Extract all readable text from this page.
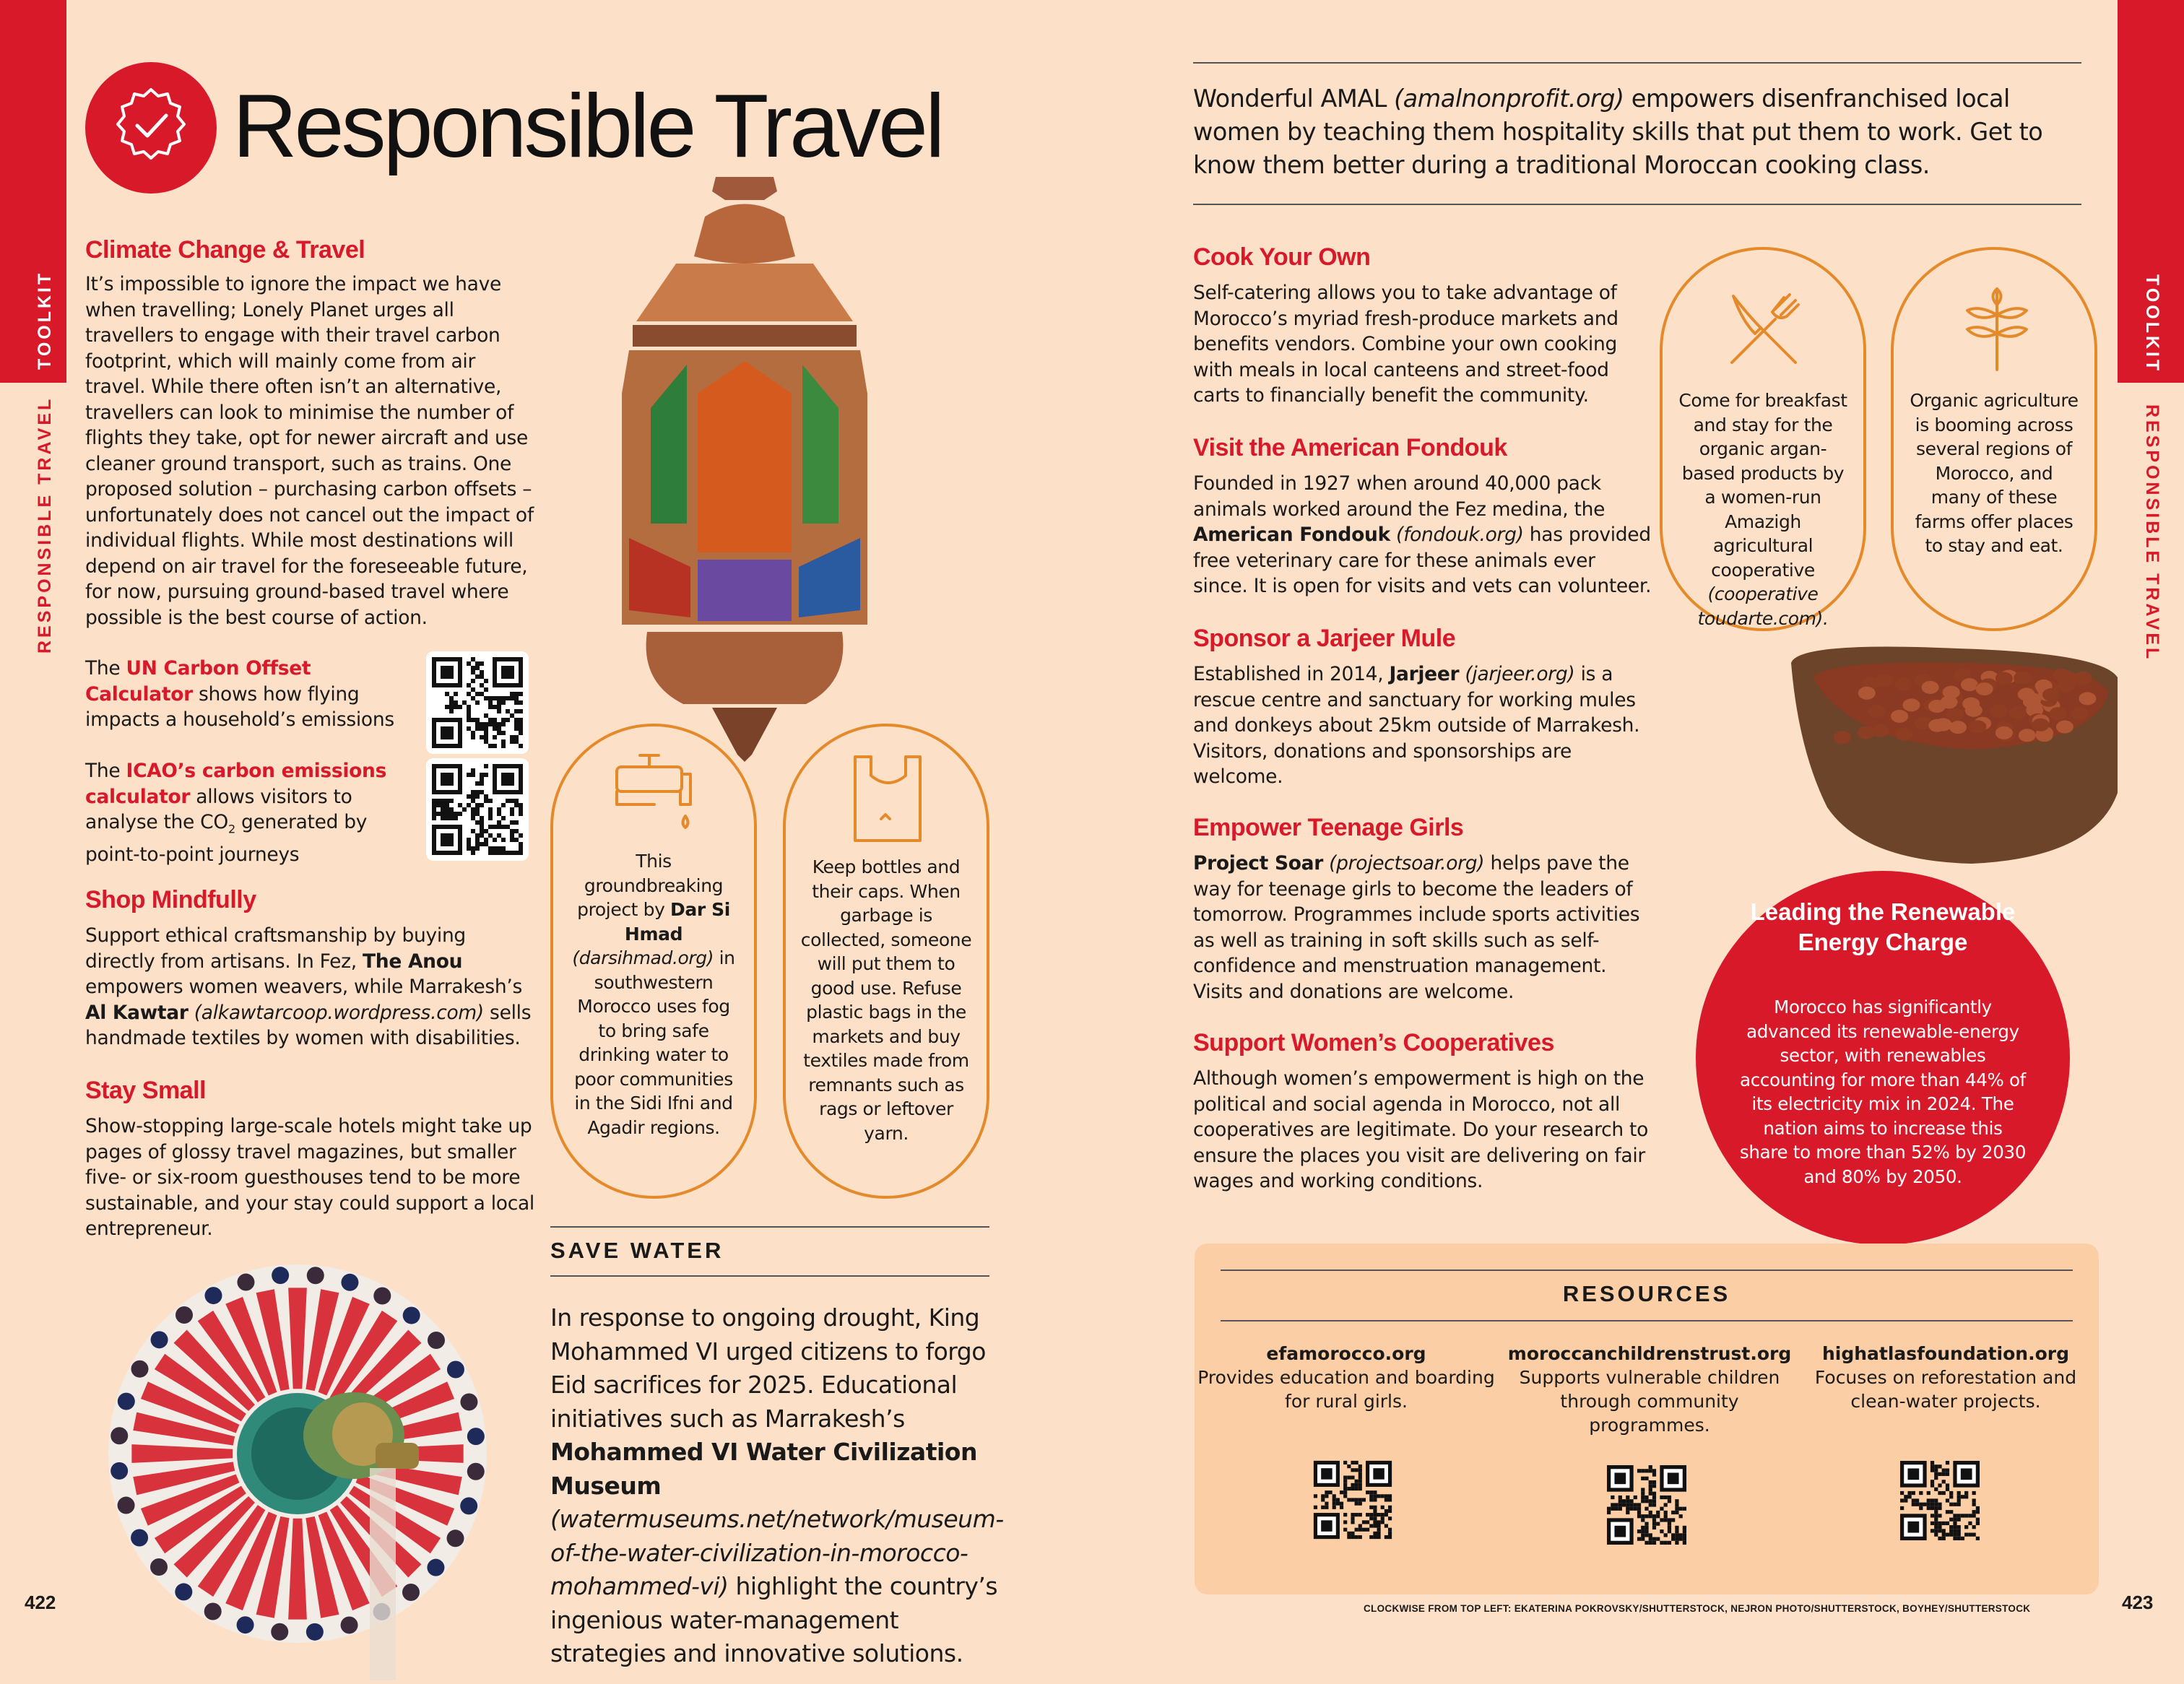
TOOLKIT
RESPONSIBLE TRAVEL
TOOLKIT
RESPONSIBLE TRAVEL
Responsible Travel
Climate Change & Travel
It’s impossible to ignore the impact we have when travelling; Lonely Planet urges all travellers to engage with their travel carbon footprint, which will mainly come from air travel. While there often isn’t an alternative, travellers can look to minimise the number of flights they take, opt for newer aircraft and use cleaner ground transport, such as trains. One proposed solution – purchasing carbon offsets – unfortunately does not cancel out the impact of individual flights. While most destinations will depend on air travel for the foreseeable future, for now, pursuing ground-based travel where possible is the best course of action.
The UN Carbon Offset Calculator shows how flying impacts a household’s emissions
The ICAO’s carbon emissions calculator allows visitors to analyse the $CO_2$ generated by point-to-point journeys
Shop Mindfully
Support ethical craftsmanship by buying directly from artisans. In Fez, The Anou empowers women weavers, while Marrakesh’s Al Kawtar (alkawtarcoop.wordpress.com) sells handmade textiles by women with disabilities.
Stay Small
Show-stopping large-scale hotels might take up pages of glossy travel magazines, but smaller five- or six-room guesthouses tend to be more sustainable, and your stay could support a local entrepreneur.
This groundbreaking project by Dar Si Hmad (darsihmad.org) in southwestern Morocco uses fog to bring safe drinking water to poor communities in the Sidi Ifni and Agadir regions.
Keep bottles and their caps. When garbage is collected, someone will put them to good use. Refuse plastic bags in the markets and buy textiles made from remnants such as rags or leftover yarn.
SAVE WATER
In response to ongoing drought, King Mohammed VI urged citizens to forgo Eid sacrifices for 2025. Educational initiatives such as Marrakesh’s Mohammed VI Water Civilization Museum (watermuseums.net/network/museum-of-the-water-civilization-in-morocco-mohammed-vi) highlight the country’s ingenious water-management strategies and innovative solutions.
422
Wonderful AMAL (amalnonprofit.org) empowers disenfranchised local women by teaching them hospitality skills that put them to work. Get to know them better during a traditional Moroccan cooking class.
Cook Your Own
Self-catering allows you to take advantage of Morocco’s myriad fresh-produce markets and benefits vendors. Combine your own cooking with meals in local canteens and street-food carts to financially benefit the community.
Visit the American Fondouk
Founded in 1927 when around 40,000 pack animals worked around the Fez medina, the American Fondouk (fondouk.org) has provided free veterinary care for these animals ever since. It is open for visits and vets can volunteer.
Sponsor a Jarjeer Mule
Established in 2014, Jarjeer (jarjeer.org) is a rescue centre and sanctuary for working mules and donkeys about 25km outside of Marrakesh. Visitors, donations and sponsorships are welcome.
Empower Teenage Girls
Project Soar (projectsoar.org) helps pave the way for teenage girls to become the leaders of tomorrow. Programmes include sports activities as well as training in soft skills such as self-confidence and menstruation management. Visits and donations are welcome.
Support Women’s Cooperatives
Although women’s empowerment is high on the political and social agenda in Morocco, not all cooperatives are legitimate. Do your research to ensure the places you visit are delivering on fair wages and working conditions.
Come for breakfast and stay for the organic argan-based products by a women-run Amazigh agricultural cooperative (cooperative toudarte.com).
Organic agriculture is booming across several regions of Morocco, and many of these farms offer places to stay and eat.
Leading the Renewable Energy Charge
Morocco has significantly advanced its renewable-energy sector, with renewables accounting for more than 44% of its electricity mix in 2024. The nation aims to increase this share to more than 52% by 2030 and 80% by 2050.
RESOURCES
efamorocco.org
Provides education and boarding for rural girls.
moroccanchildrenstrust.org
Supports vulnerable children through community programmes.
highatlasfoundation.org
Focuses on reforestation and clean-water projects.
CLOCKWISE FROM TOP LEFT: EKATERINA POKROVSKY/SHUTTERSTOCK, NEJRON PHOTO/SHUTTERSTOCK, BOYHEY/SHUTTERSTOCK	423
